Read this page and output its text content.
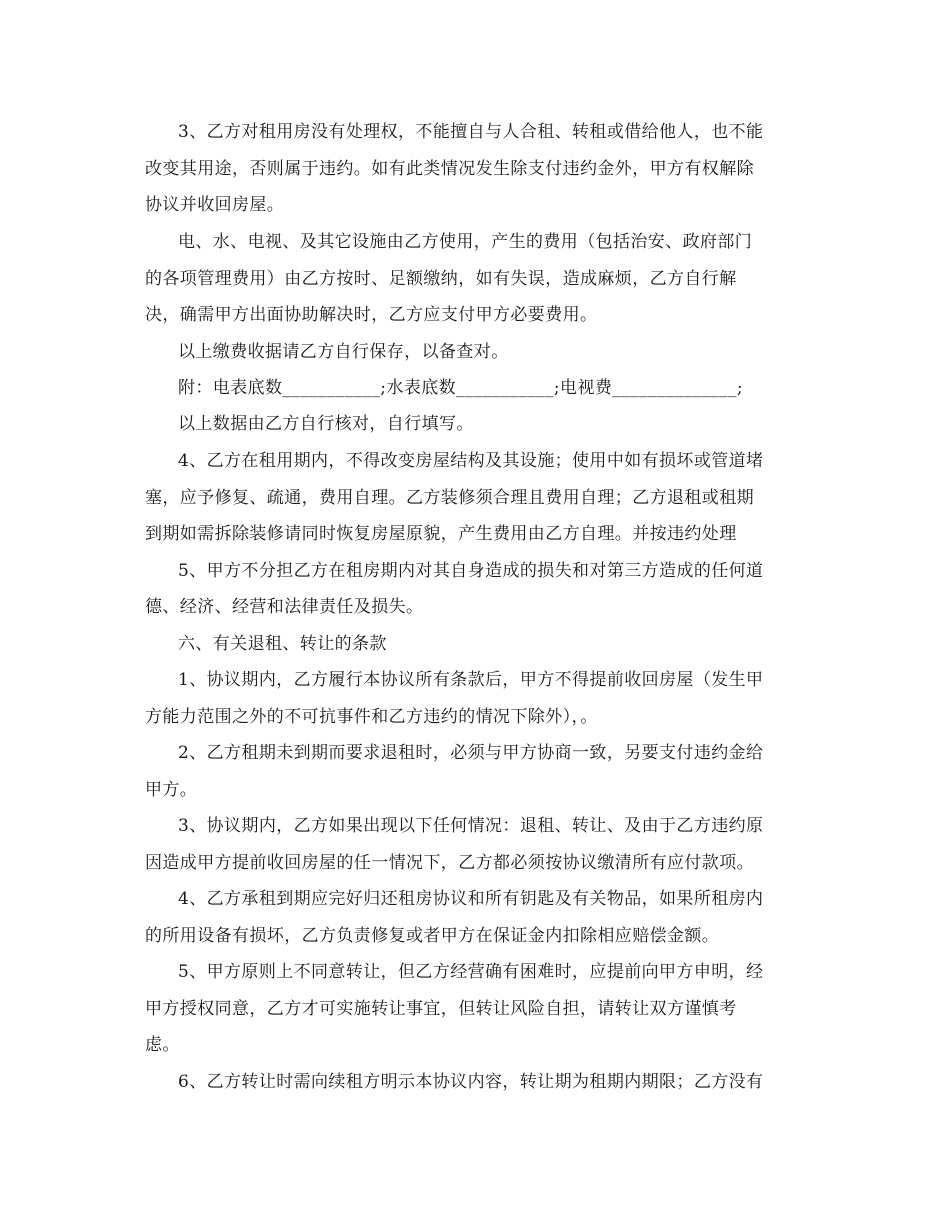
3、乙方对租用房没有处理权，不能擅自与人合租、转租或借给他人，也不能
改变其用途，否则属于违约。如有此类情况发生除支付违约金外，甲方有权解除
协议并收回房屋。
电、水、电视、及其它设施由乙方使用，产生的费用（包括治安、政府部门
的各项管理费用）由乙方按时、足额缴纳，如有失误，造成麻烦，乙方自行解
决，确需甲方出面协助解决时，乙方应支付甲方必要费用。
以上缴费收据请乙方自行保存，以备查对。
附：电表底数___________;水表底数___________;电视费______________;
以上数据由乙方自行核对，自行填写。
4、乙方在租用期内，不得改变房屋结构及其设施；使用中如有损坏或管道堵
塞，应予修复、疏通，费用自理。乙方装修须合理且费用自理；乙方退租或租期
到期如需拆除装修请同时恢复房屋原貌，产生费用由乙方自理。并按违约处理
5、甲方不分担乙方在租房期内对其自身造成的损失和对第三方造成的任何道
德、经济、经营和法律责任及损失。
六、有关退租、转让的条款
1、协议期内，乙方履行本协议所有条款后，甲方不得提前收回房屋（发生甲
方能力范围之外的不可抗事件和乙方违约的情况下除外），。
2、乙方租期未到期而要求退租时，必须与甲方协商一致，另要支付违约金给
甲方。
3、协议期内，乙方如果出现以下任何情况：退租、转让、及由于乙方违约原
因造成甲方提前收回房屋的任一情况下，乙方都必须按协议缴清所有应付款项。
4、乙方承租到期应完好归还租房协议和所有钥匙及有关物品，如果所租房内
的所用设备有损坏，乙方负责修复或者甲方在保证金内扣除相应赔偿金额。
5、甲方原则上不同意转让，但乙方经营确有困难时，应提前向甲方申明，经
甲方授权同意，乙方才可实施转让事宜，但转让风险自担，请转让双方谨慎考
虑。
6、乙方转让时需向续租方明示本协议内容，转让期为租期内期限；乙方没有
